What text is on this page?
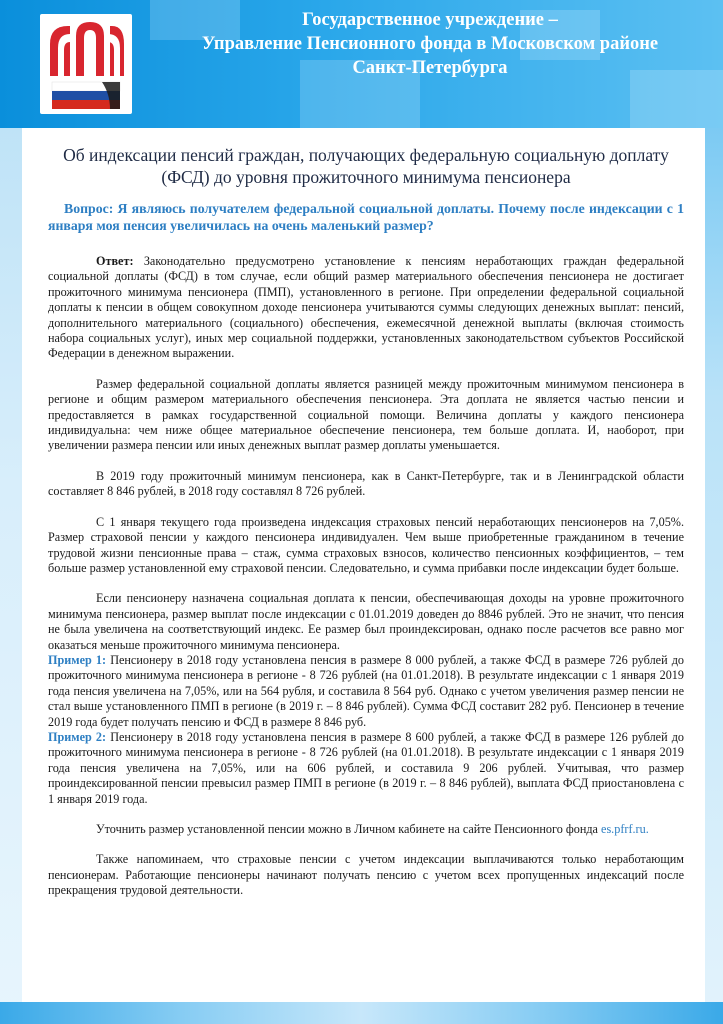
Государственное учреждение –
Управление Пенсионного фонда в Московском районе
Санкт-Петербурга
Об индексации пенсий граждан, получающих федеральную социальную доплату (ФСД) до уровня прожиточного минимума пенсионера

Вопрос: Я являюсь получателем федеральной социальной доплаты. Почему после индексации с 1 января моя пенсия увеличилась на очень маленький размер?

Ответ: Законодательно предусмотрено установление к пенсиям неработающих граждан федеральной социальной доплаты (ФСД) в том случае, если общий размер материального обеспечения пенсионера не достигает прожиточного минимума пенсионера (ПМП), установленного в регионе. При определении федеральной социальной доплаты к пенсии в общем совокупном доходе пенсионера учитываются суммы следующих денежных выплат: пенсий, дополнительного материального (социального) обеспечения, ежемесячной денежной выплаты (включая стоимость набора социальных услуг), иных мер социальной поддержки, установленных законодательством субъектов Российской Федерации в денежном выражении.

Размер федеральной социальной доплаты является разницей между прожиточным минимумом пенсионера в регионе и общим размером материального обеспечения пенсионера. Эта доплата не является частью пенсии и предоставляется в рамках государственной социальной помощи. Величина доплаты у каждого пенсионера индивидуальна: чем ниже общее материальное обеспечение пенсионера, тем больше доплата. И, наоборот, при увеличении размера пенсии или иных денежных выплат размер доплаты уменьшается.

В 2019 году прожиточный минимум пенсионера, как в Санкт-Петербурге, так и в Ленинградской области составляет 8 846 рублей, в 2018 году составлял 8 726 рублей.

С 1 января текущего года произведена индексация страховых пенсий неработающих пенсионеров на 7,05%. Размер страховой пенсии у каждого пенсионера индивидуален. Чем выше приобретенные гражданином в течение трудовой жизни пенсионные права – стаж, сумма страховых взносов, количество пенсионных коэффициентов, – тем больше размер установленной ему страховой пенсии. Следовательно, и сумма прибавки после индексации будет больше.

Если пенсионеру назначена социальная доплата к пенсии, обеспечивающая доходы на уровне прожиточного минимума пенсионера, размер выплат после индексации с 01.01.2019 доведен до 8846 рублей. Это не значит, что пенсия не была увеличена на соответствующий индекс. Ее размер был проиндексирован, однако после расчетов все равно мог оказаться меньше прожиточного минимума пенсионера.

Пример 1: Пенсионеру в 2018 году установлена пенсия в размере 8 000 рублей, а также ФСД в размере 726 рублей до прожиточного минимума пенсионера в регионе - 8 726 рублей (на 01.01.2018). В результате индексации с 1 января 2019 года пенсия увеличена на 7,05%, или на 564 рубля, и составила 8 564 руб. Однако с учетом увеличения размер пенсии не стал выше установленного ПМП в регионе (в 2019 г. – 8 846 рублей). Сумма ФСД составит 282 руб. Пенсионер в течение 2019 года будет получать пенсию и ФСД в размере 8 846 руб.

Пример 2: Пенсионеру в 2018 году установлена пенсия в размере 8 600 рублей, а также ФСД в размере 126 рублей до прожиточного минимума пенсионера в регионе - 8 726 рублей (на 01.01.2018). В результате индексации с 1 января 2019 года пенсия увеличена на 7,05%, или на 606 рублей, и составила 9 206 рублей. Учитывая, что размер проиндексированной пенсии превысил размер ПМП в регионе (в 2019 г. – 8 846 рублей), выплата ФСД приостановлена с 1 января 2019 года.

Уточнить размер установленной пенсии можно в Личном кабинете на сайте Пенсионного фонда es.pfrf.ru.

Также напоминаем, что страховые пенсии с учетом индексации выплачиваются только неработающим пенсионерам. Работающие пенсионеры начинают получать пенсию с учетом всех пропущенных индексаций после прекращения трудовой деятельности.
